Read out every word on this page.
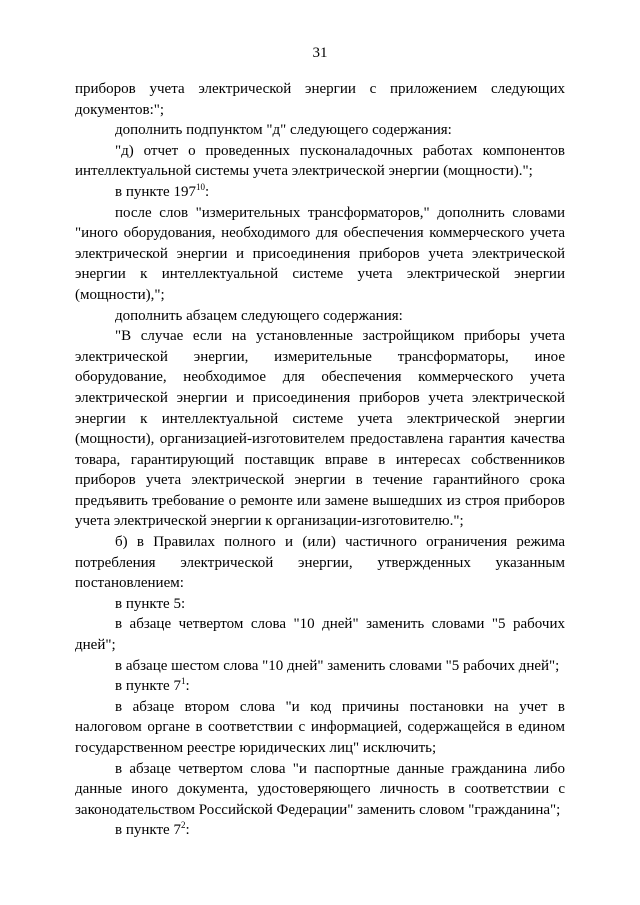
31

приборов учета электрической энергии с приложением следующих документов:";

дополнить подпунктом "д" следующего содержания:

"д) отчет о проведенных пусконаладочных работах компонентов интеллектуальной системы учета электрической энергии (мощности).";

в пункте $197^{10}$:

после слов "измерительных трансформаторов," дополнить словами "иного оборудования, необходимого для обеспечения коммерческого учета электрической энергии и присоединения приборов учета электрической энергии к интеллектуальной системе учета электрической энергии (мощности),";

дополнить абзацем следующего содержания:

"В случае если на установленные застройщиком приборы учета электрической энергии, измерительные трансформаторы, иное оборудование, необходимое для обеспечения коммерческого учета электрической энергии и присоединения приборов учета электрической энергии к интеллектуальной системе учета электрической энергии (мощности), организацией-изготовителем предоставлена гарантия качества товара, гарантирующий поставщик вправе в интересах собственников приборов учета электрической энергии в течение гарантийного срока предъявить требование о ремонте или замене вышедших из строя приборов учета электрической энергии к организации-изготовителю.";

б) в Правилах полного и (или) частичного ограничения режима потребления электрической энергии, утвержденных указанным постановлением:

в пункте 5:

в абзаце четвертом слова "10 дней" заменить словами "5 рабочих дней";

в абзаце шестом слова "10 дней" заменить словами "5 рабочих дней";

в пункте $7^1$:

в абзаце втором слова "и код причины постановки на учет в налоговом органе в соответствии с информацией, содержащейся в едином государственном реестре юридических лиц" исключить;

в абзаце четвертом слова "и паспортные данные гражданина либо данные иного документа, удостоверяющего личность в соответствии с законодательством Российской Федерации" заменить словом "гражданина";

в пункте $7^2$:
